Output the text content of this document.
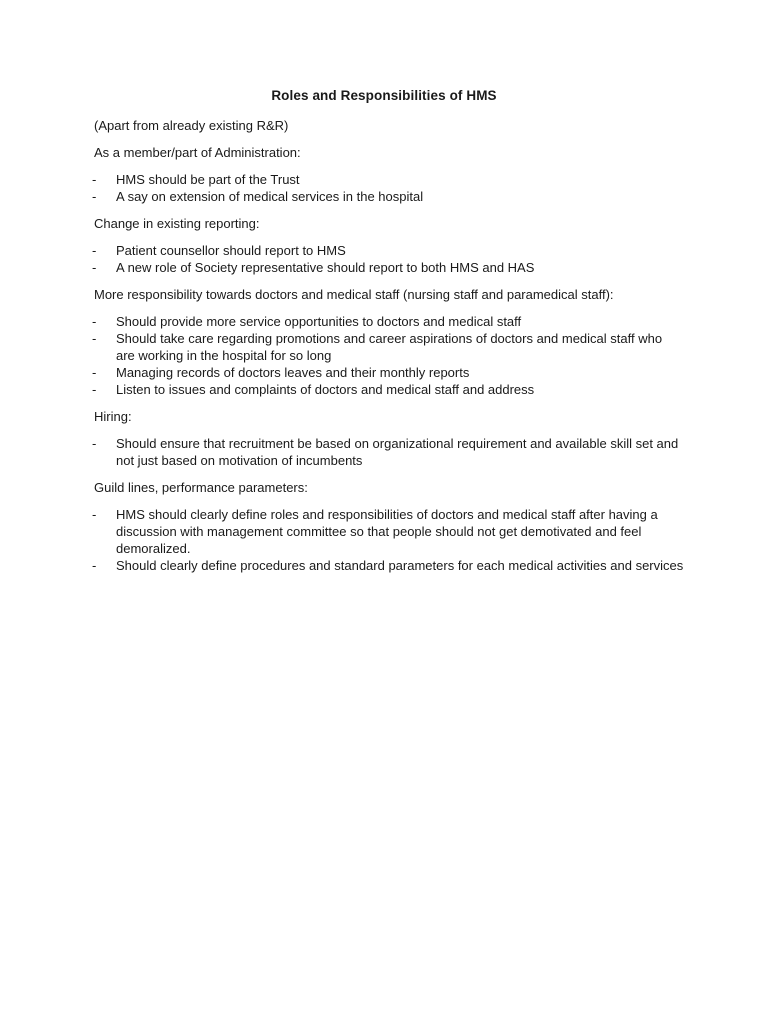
Roles and Responsibilities of HMS

(Apart from already existing R&R)

As a member/part of Administration:

- HMS should be part of the Trust
- A say on extension of medical services in the hospital

Change in existing reporting:

- Patient counsellor should report to HMS
- A new role of Society representative should report to both HMS and HAS

More responsibility towards doctors and medical staff (nursing staff and paramedical staff):

- Should provide more service opportunities to doctors and medical staff
- Should take care regarding promotions and career aspirations of doctors and medical staff who are working in the hospital for so long
- Managing records of doctors leaves and their monthly reports
- Listen to issues and complaints of doctors and medical staff and address

Hiring:

- Should ensure that recruitment be based on organizational requirement and available skill set and not just based on motivation of incumbents

Guild lines, performance parameters:

- HMS should clearly define roles and responsibilities of doctors and medical staff after having a discussion with management committee so that people should not get demotivated and feel demoralized.
- Should clearly define procedures and standard parameters for each medical activities and services
